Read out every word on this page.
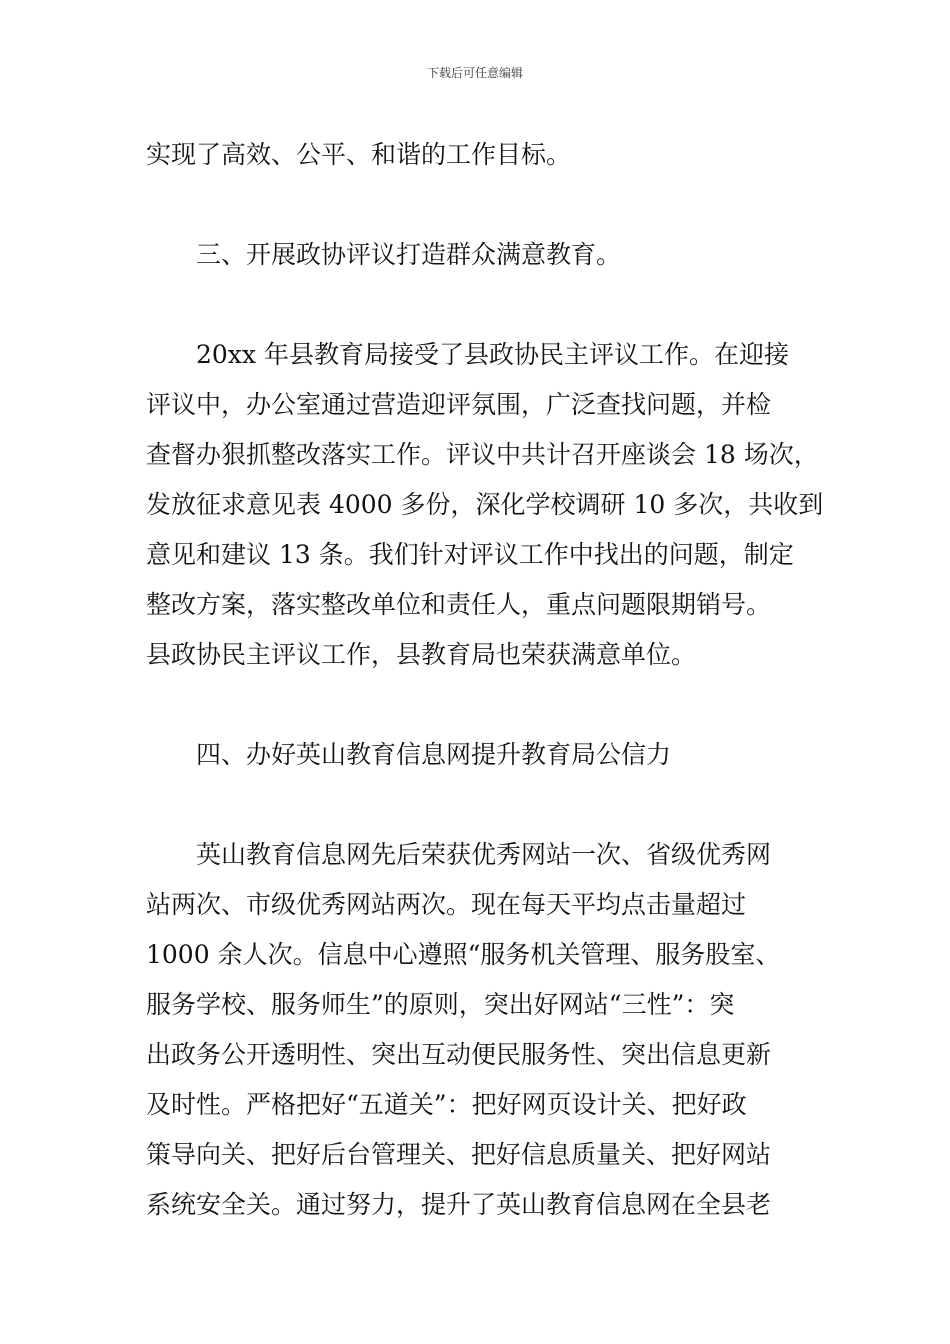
下载后可任意编辑
实现了高效、公平、和谐的工作目标。
三、开展政协评议打造群众满意教育。
20xx 年县教育局接受了县政协民主评议工作。在迎接
评议中，办公室通过营造迎评氛围，广泛查找问题，并检
查督办狠抓整改落实工作。评议中共计召开座谈会 18 场次，
发放征求意见表 4000 多份，深化学校调研 10 多次，共收到
意见和建议 13 条。我们针对评议工作中找出的问题，制定
整改方案，落实整改单位和责任人，重点问题限期销号。
县政协民主评议工作，县教育局也荣获满意单位。
四、办好英山教育信息网提升教育局公信力
英山教育信息网先后荣获优秀网站一次、省级优秀网
站两次、市级优秀网站两次。现在每天平均点击量超过
1000 余人次。信息中心遵照“服务机关管理、服务股室、
服务学校、服务师生”的原则，突出好网站“三性”：突
出政务公开透明性、突出互动便民服务性、突出信息更新
及时性。严格把好“五道关”：把好网页设计关、把好政
策导向关、把好后台管理关、把好信息质量关、把好网站
系统安全关。通过努力，提升了英山教育信息网在全县老
